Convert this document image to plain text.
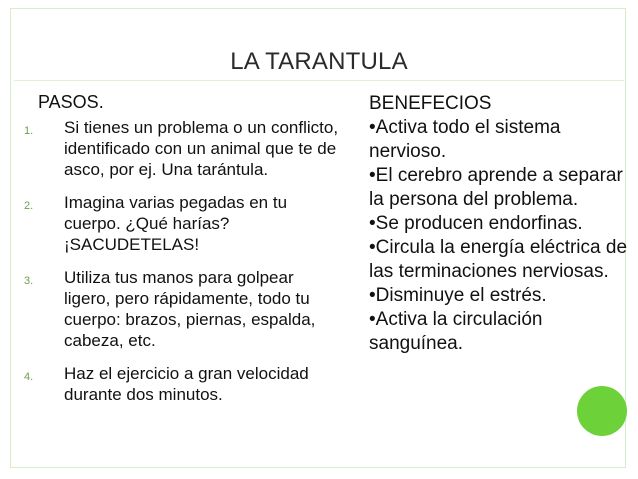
LA TARANTULA
PASOS.
1. Si tienes un problema o un conflicto, identificado con un animal que te de asco, por ej. Una tarántula.
2. Imagina varias pegadas en tu cuerpo. ¿Qué harías? ¡SACUDETELAS!
3. Utiliza tus manos para golpear ligero, pero rápidamente, todo tu cuerpo: brazos, piernas, espalda, cabeza, etc.
4. Haz el ejercicio a gran velocidad durante dos minutos.
BENEFECIOS
•Activa todo el sistema nervioso.
•El cerebro aprende a separar la persona del problema.
•Se producen endorfinas.
•Circula la energía eléctrica de las terminaciones nerviosas.
•Disminuye el estrés.
•Activa la circulación sanguínea.
